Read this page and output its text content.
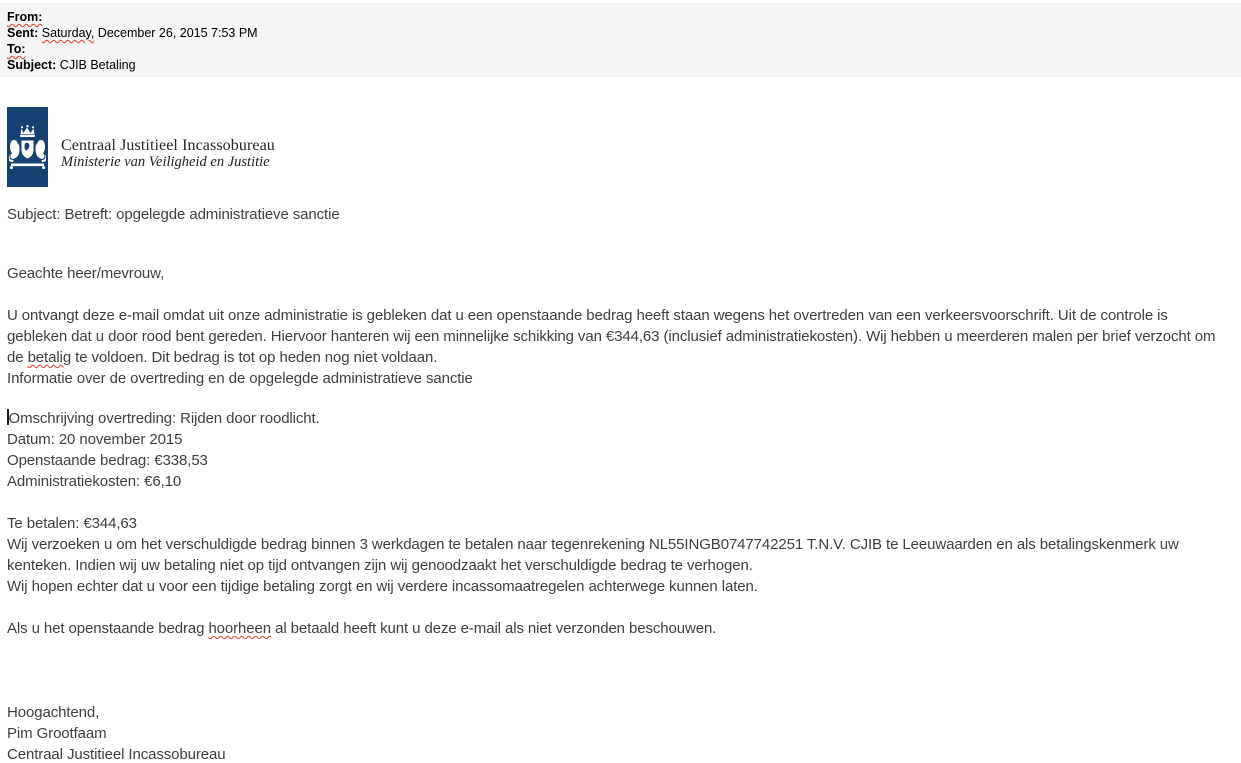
From:
Sent: Saturday, December 26, 2015 7:53 PM
To:
Subject: CJIB Betaling
Centraal Justitieel Incassobureau
Ministerie van Veiligheid en Justitie
Subject: Betreft: opgelegde administratieve sanctie
Geachte heer/mevrouw,
U ontvangt deze e-mail omdat uit onze administratie is gebleken dat u een openstaande bedrag heeft staan wegens het overtreden van een verkeersvoorschrift. Uit de controle is
gebleken dat u door rood bent gereden. Hiervoor hanteren wij een minnelijke schikking van €344,63 (inclusief administratiekosten). Wij hebben u meerderen malen per brief verzocht om
de betalig te voldoen. Dit bedrag is tot op heden nog niet voldaan.
Informatie over de overtreding en de opgelegde administratieve sanctie
Omschrijving overtreding: Rijden door roodlicht.
Datum: 20 november 2015
Openstaande bedrag: €338,53
Administratiekosten: €6,10
Te betalen: €344,63
Wij verzoeken u om het verschuldigde bedrag binnen 3 werkdagen te betalen naar tegenrekening NL55INGB0747742251 T.N.V. CJIB te Leeuwaarden en als betalingskenmerk uw
kenteken. Indien wij uw betaling niet op tijd ontvangen zijn wij genoodzaakt het verschuldigde bedrag te verhogen.
Wij hopen echter dat u voor een tijdige betaling zorgt en wij verdere incassomaatregelen achterwege kunnen laten.
Als u het openstaande bedrag hoorheen al betaald heeft kunt u deze e-mail als niet verzonden beschouwen.
Hoogachtend,
Pim Grootfaam
Centraal Justitieel Incassobureau
